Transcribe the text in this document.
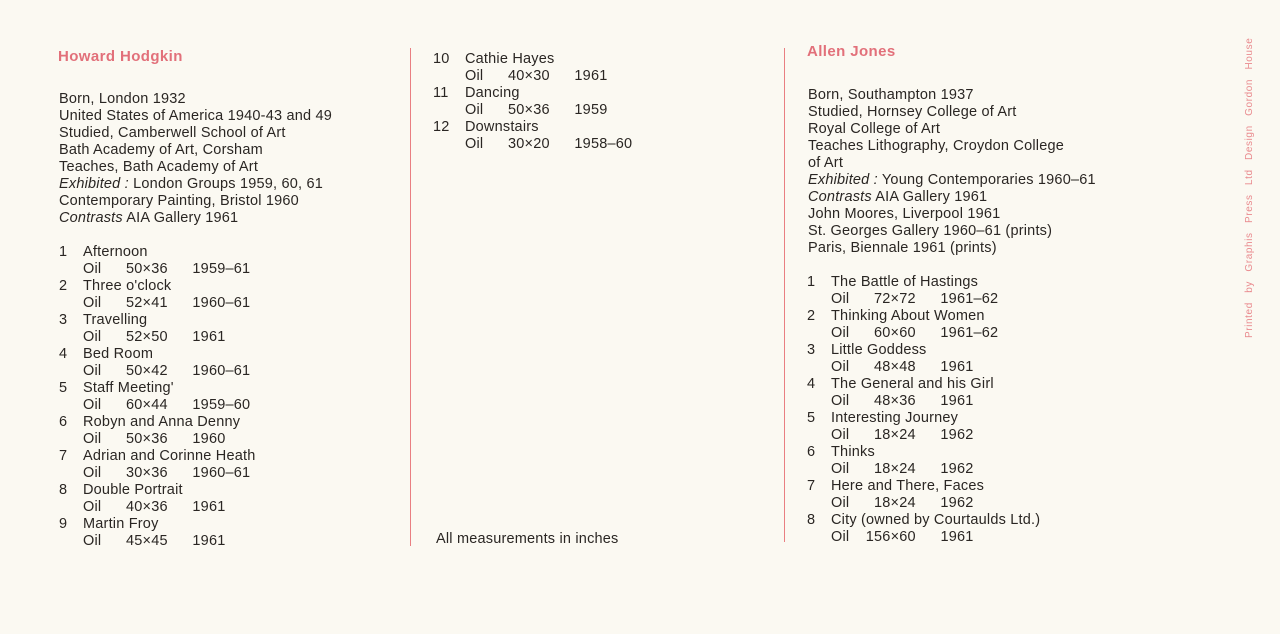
Howard Hodgkin
Born, London 1932
United States of America 1940-43 and 49
Studied, Camberwell School of Art
Bath Academy of Art, Corsham
Teaches, Bath Academy of Art
Exhibited : London Groups 1959, 60, 61
Contemporary Painting, Bristol 1960
Contrasts AIA Gallery 1961
1 Afternoon
Oil   50×36   1959–61
2 Three o'clock
Oil   52×41   1960–61
3 Travelling
Oil   52×50   1961
4 Bed Room
Oil   50×42   1960–61
5 Staff Meeting'
Oil   60×44   1959–60
6 Robyn and Anna Denny
Oil   50×36   1960
7 Adrian and Corinne Heath
Oil   30×36   1960–61
8 Double Portrait
Oil   40×36   1961
9 Martin Froy
Oil   45×45   1961
10 Cathie Hayes
Oil   40×30   1961
11 Dancing
Oil   50×36   1959
12 Downstairs
Oil   30×20   1958–60
All measurements in inches
Allen Jones
Born, Southampton 1937
Studied, Hornsey College of Art
Royal College of Art
Teaches Lithography, Croydon College
of Art
Exhibited : Young Contemporaries 1960–61
Contrasts AIA Gallery 1961
John Moores, Liverpool 1961
St. Georges Gallery 1960–61 (prints)
Paris, Biennale 1961 (prints)
1 The Battle of Hastings
Oil   72×72   1961–62
2 Thinking About Women
Oil   60×60   1961–62
3 Little Goddess
Oil   48×48   1961
4 The General and his Girl
Oil   48×36   1961
5 Interesting Journey
Oil   18×24   1962
6 Thinks
Oil   18×24   1962
7 Here and There, Faces
Oil   18×24   1962
8 City (owned by Courtaulds Ltd.)
Oil  156×60   1961
Printed by Graphis Press Ltd Design Gordon House
